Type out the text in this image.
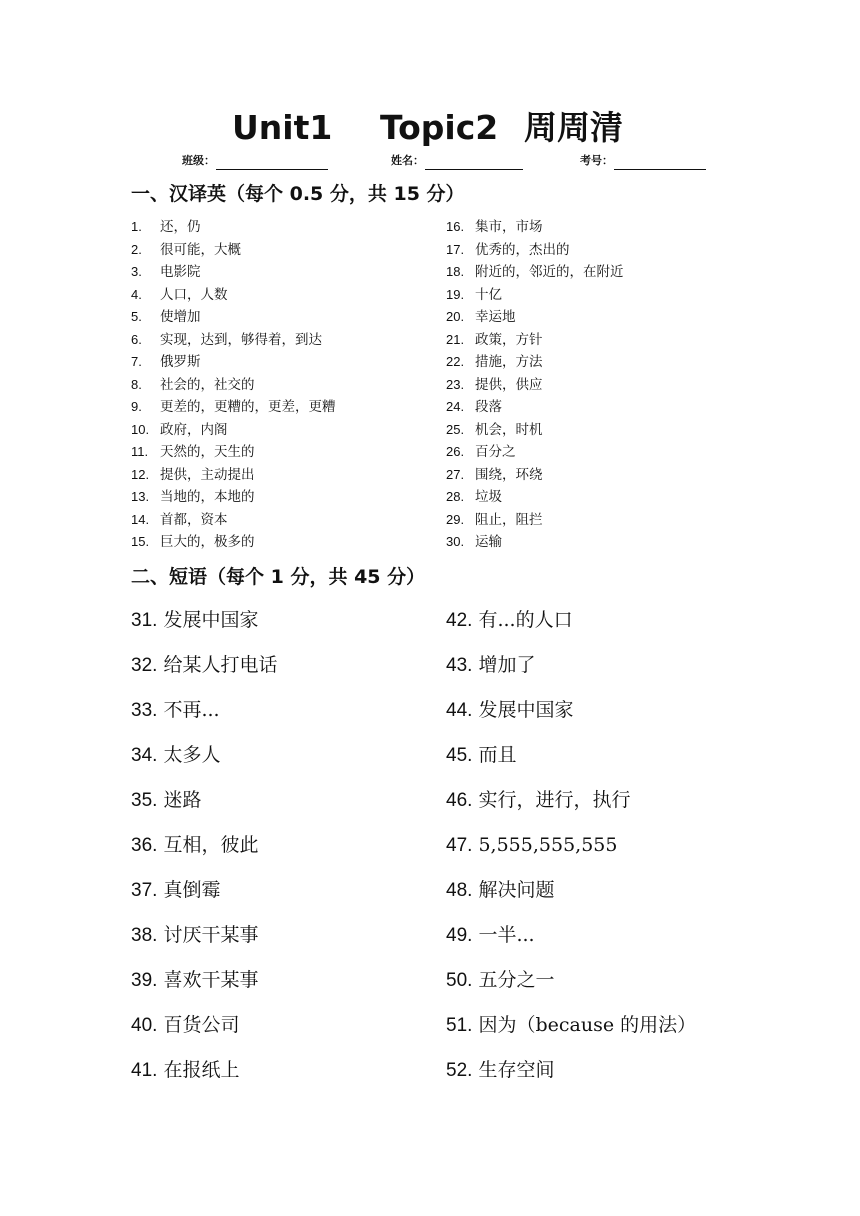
Unit1 Topic2 周周清
班级：	姓名：	考号：
一、汉译英（每个 0.5 分，共 15 分）
1. 还，仍
2. 很可能，大概
3. 电影院
4. 人口，人数
5. 使增加
6. 实现，达到，够得着，到达
7. 俄罗斯
8. 社会的，社交的
9. 更差的，更糟的，更差，更糟
10. 政府，内阁
11. 天然的，天生的
12. 提供，主动提出
13. 当地的，本地的
14. 首都，资本
15. 巨大的，极多的
16. 集市，市场
17. 优秀的，杰出的
18. 附近的，邻近的，在附近
19. 十亿
20. 幸运地
21. 政策，方针
22. 措施，方法
23. 提供，供应
24. 段落
25. 机会，时机
26. 百分之
27. 围绕，环绕
28. 垃圾
29. 阻止，阻拦
30. 运输
二、短语（每个 1 分，共 45 分）
31. 发展中国家
32. 给某人打电话
33. 不再...
34. 太多人
35. 迷路
36. 互相，彼此
37. 真倒霉
38. 讨厌干某事
39. 喜欢干某事
40. 百货公司
41. 在报纸上
42. 有...的人口
43. 增加了
44. 发展中国家
45. 而且
46. 实行，进行，执行
47. 5,555,555,555
48. 解决问题
49. 一半...
50. 五分之一
51. 因为（because 的用法）
52. 生存空间
